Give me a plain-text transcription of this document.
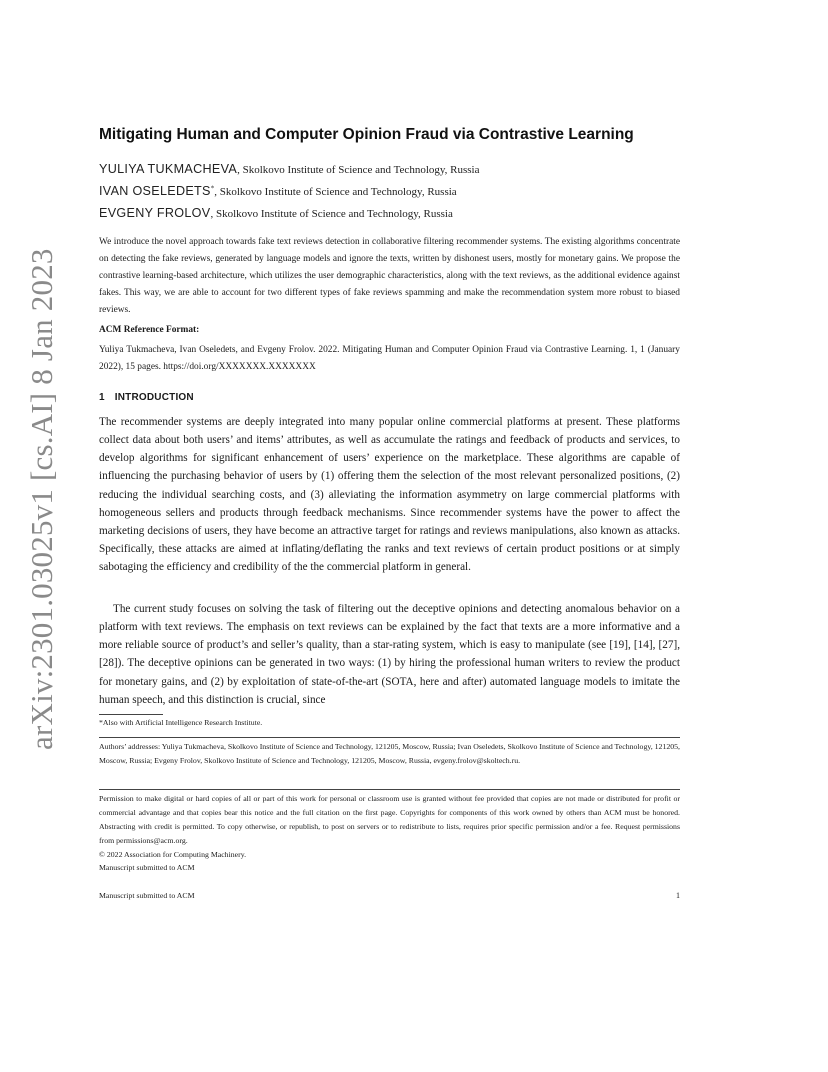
arXiv:2301.03025v1 [cs.AI] 8 Jan 2023
Mitigating Human and Computer Opinion Fraud via Contrastive Learning
YULIYA TUKMACHEVA, Skolkovo Institute of Science and Technology, Russia
IVAN OSELEDETS*, Skolkovo Institute of Science and Technology, Russia
EVGENY FROLOV, Skolkovo Institute of Science and Technology, Russia

We introduce the novel approach towards fake text reviews detection in collaborative filtering recommender systems. The existing algorithms concentrate on detecting the fake reviews, generated by language models and ignore the texts, written by dishonest users, mostly for monetary gains. We propose the contrastive learning-based architecture, which utilizes the user demographic characteristics, along with the text reviews, as the additional evidence against fakes. This way, we are able to account for two different types of fake reviews spamming and make the recommendation system more robust to biased reviews.

ACM Reference Format:

Yuliya Tukmacheva, Ivan Oseledets, and Evgeny Frolov. 2022. Mitigating Human and Computer Opinion Fraud via Contrastive Learning. 1, 1 (January 2022), 15 pages. https://doi.org/XXXXXXX.XXXXXXX

1 INTRODUCTION

The recommender systems are deeply integrated into many popular online commercial platforms at present. These platforms collect data about both users’ and items’ attributes, as well as accumulate the ratings and feedback of products and services, to develop algorithms for significant enhancement of users’ experience on the marketplace. These algorithms are capable of influencing the purchasing behavior of users by (1) offering them the selection of the most relevant personalized positions, (2) reducing the individual searching costs, and (3) alleviating the information asymmetry on large commercial platforms with homogeneous sellers and products through feedback mechanisms. Since recommender systems have the power to affect the marketing decisions of users, they have become an attractive target for ratings and reviews manipulations, also known as attacks. Specifically, these attacks are aimed at inflating/deflating the ranks and text reviews of certain product positions or at simply sabotaging the efficiency and credibility of the the commercial platform in general.

The current study focuses on solving the task of filtering out the deceptive opinions and detecting anomalous behavior on a platform with text reviews. The emphasis on text reviews can be explained by the fact that texts are a more informative and a more reliable source of product’s and seller’s quality, than a star-rating system, which is easy to manipulate (see [19], [14], [27], [28]). The deceptive opinions can be generated in two ways: (1) by hiring the professional human writers to review the product for monetary gains, and (2) by exploitation of state-of-the-art (SOTA, here and after) automated language models to imitate the human speech, and this distinction is crucial, since

*Also with Artificial Intelligence Research Institute.

Authors’ addresses: Yuliya Tukmacheva, Skolkovo Institute of Science and Technology, 121205, Moscow, Russia; Ivan Oseledets, Skolkovo Institute of Science and Technology, 121205, Moscow, Russia; Evgeny Frolov, Skolkovo Institute of Science and Technology, 121205, Moscow, Russia, evgeny.frolov@skoltech.ru.

Permission to make digital or hard copies of all or part of this work for personal or classroom use is granted without fee provided that copies are not made or distributed for profit or commercial advantage and that copies bear this notice and the full citation on the first page. Copyrights for components of this work owned by others than ACM must be honored. Abstracting with credit is permitted. To copy otherwise, or republish, to post on servers or to redistribute to lists, requires prior specific permission and/or a fee. Request permissions from permissions@acm.org.

© 2022 Association for Computing Machinery.

Manuscript submitted to ACM

Manuscript submitted to ACM	1
